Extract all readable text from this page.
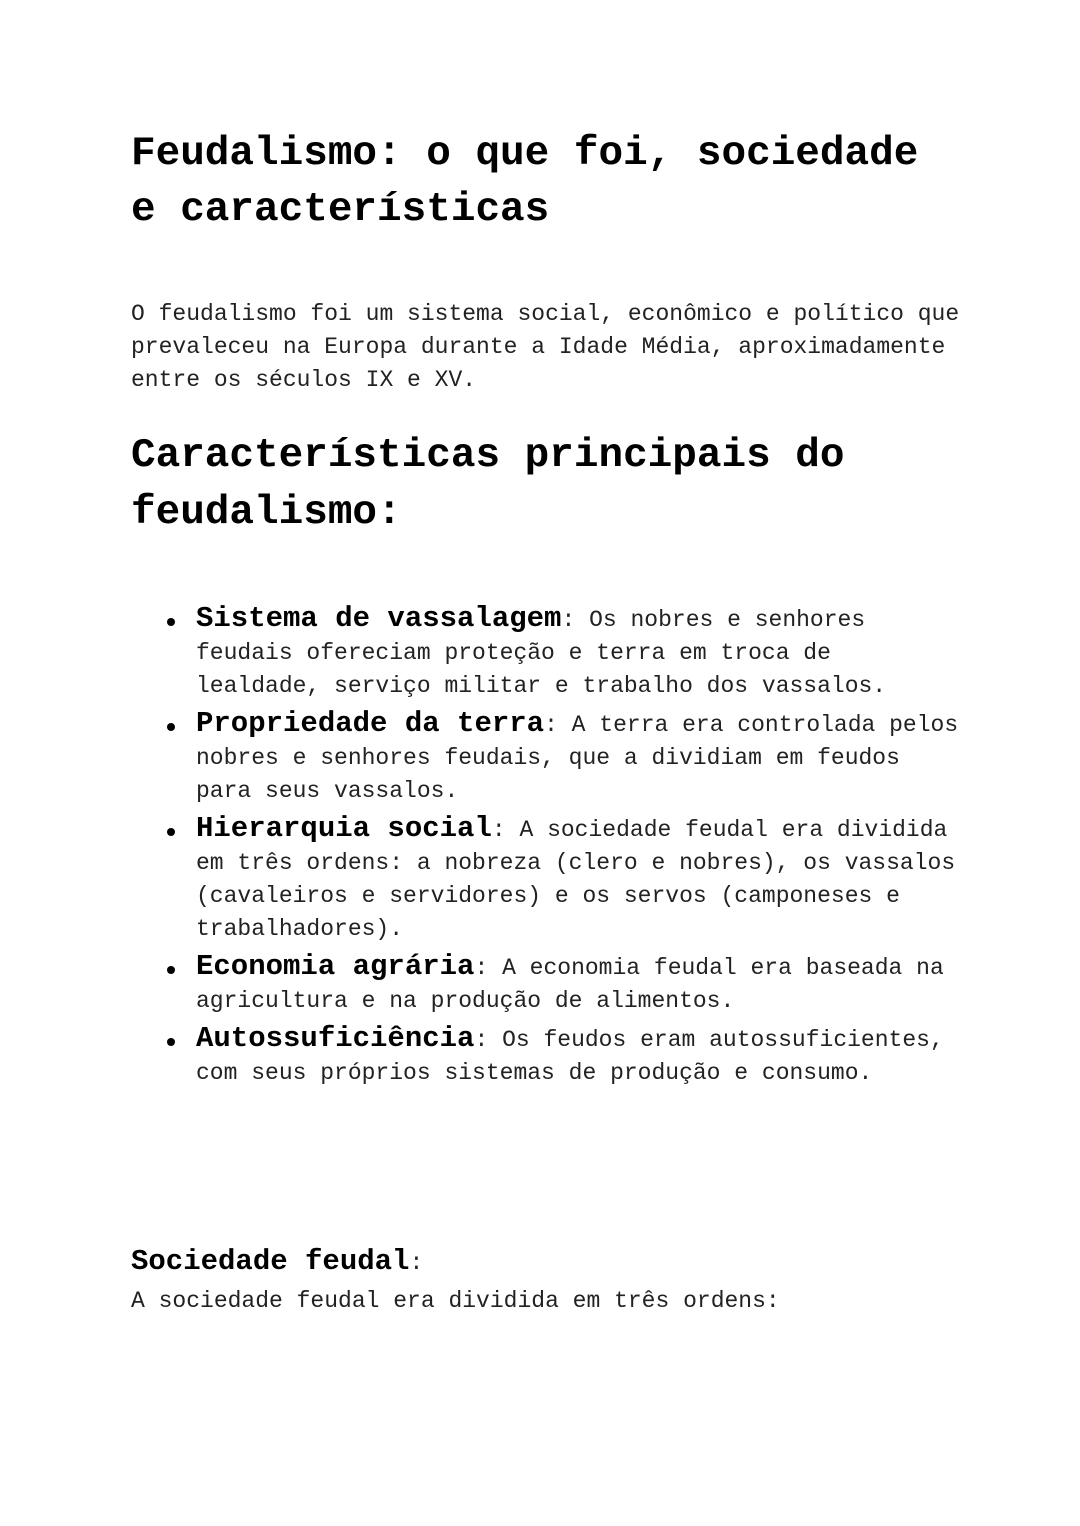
Feudalismo: o que foi, sociedade e características

O feudalismo foi um sistema social, econômico e político que prevaleceu na Europa durante a Idade Média, aproximadamente entre os séculos IX e XV.

Características principais do feudalismo:
Sistema de vassalagem: Os nobres e senhores feudais ofereciam proteção e terra em troca de lealdade, serviço militar e trabalho dos vassalos.
Propriedade da terra: A terra era controlada pelos nobres e senhores feudais, que a dividiam em feudos para seus vassalos.
Hierarquia social: A sociedade feudal era dividida em três ordens: a nobreza (clero e nobres), os vassalos (cavaleiros e servidores) e os servos (camponeses e trabalhadores).
Economia agrária: A economia feudal era baseada na agricultura e na produção de alimentos.
Autossuficiência: Os feudos eram autossuficientes, com seus próprios sistemas de produção e consumo.
Sociedade feudal:

A sociedade feudal era dividida em três ordens:
